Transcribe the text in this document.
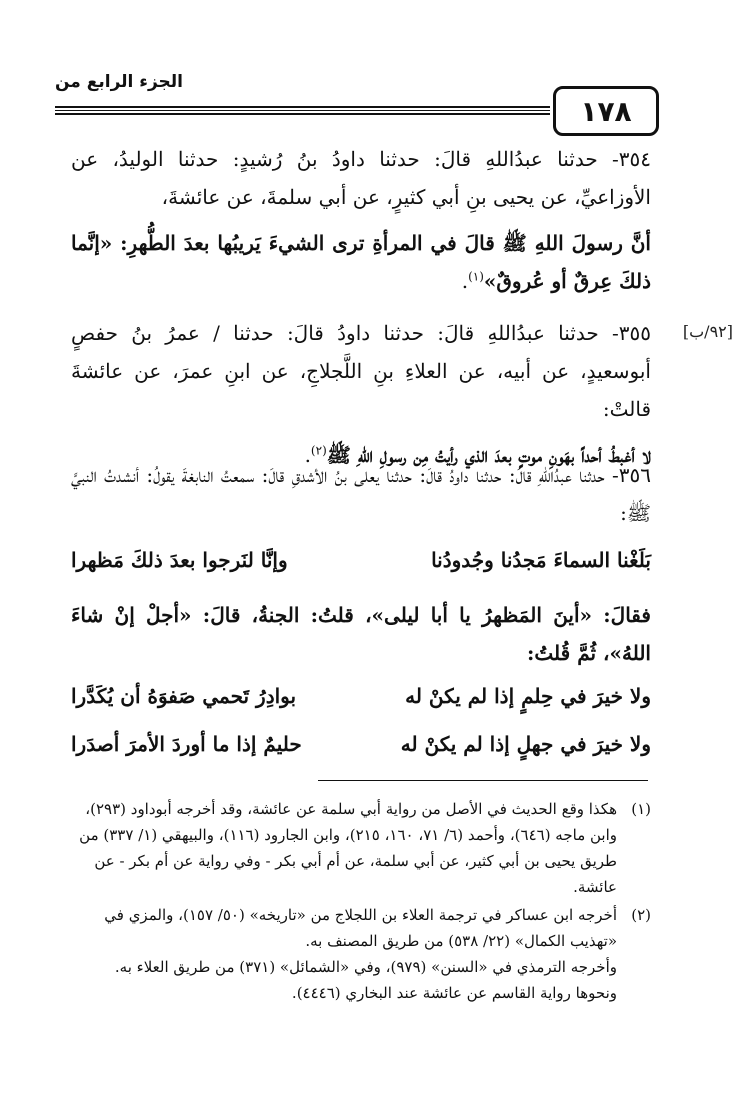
الجزء الرابع من
١٧٨
٣٥٤- حدثنا عبدُاللهِ قالَ: حدثنا داودُ بنُ رُشيدٍ: حدثنا الوليدُ، عن الأوزاعيِّ، عن يحيى بنِ أبي كثيرٍ، عن أبي سلمةَ، عن عائشةَ،
أنَّ رسولَ اللهِ ﷺ قالَ في المرأةِ ترى الشيءَ يَريبُها بعدَ الطُّهرِ: «إنَّما ذلكَ عِرقٌ أو عُروقٌ»$^{(١)}$.
[٩٢/ب]
٣٥٥- حدثنا عبدُاللهِ قالَ: حدثنا داودُ قالَ: حدثنا / عمرُ بنُ حفصٍ أبوسعيدٍ، عن أبيه، عن العلاءِ بنِ اللَّجلاجِ، عن ابنِ عمرَ، عن عائشةَ قالتْ:
لا أغبطُ أحداً بهَونِ موتٍ بعدَ الذي رأيتُ مِن رسولِ اللهِ ﷺ$^{(٢)}$.
٣٥٦- حدثنا عبدُاللهِ قالَ: حدثنا داودُ قالَ: حدثنا يعلى بنُ الأشدقِ قالَ: سمعتُ النابغةَ يقولُ: أنشدتُ النبيَّ ﷺ:
بَلَغْنا السماءَ مَجدُنا وجُدودُنا
وإنَّا لنَرجوا بعدَ ذلكَ مَظهرا
فقالَ: «أينَ المَظهرُ يا أبا ليلى»، قلتُ: الجنةُ، قالَ: «أجلْ إنْ شاءَ اللهُ»، ثُمَّ قُلتُ:
ولا خيرَ في حِلمٍ إذا لم يكنْ له
بوادِرُ تَحمي صَفوَهُ أن يُكَدَّرا
ولا خيرَ في جهلٍ إذا لم يكنْ له
حليمٌ إذا ما أوردَ الأمرَ أصدَرا
(١)

هكذا وقع الحديث في الأصل من رواية أبي سلمة عن عائشة، وقد أخرجه أبوداود (٢٩٣)، وابن ماجه (٦٤٦)، وأحمد (٦/ ٧١، ١٦٠، ٢١٥)، وابن الجارود (١١٦)، والبيهقي (١/ ٣٣٧) من طريق يحيى بن أبي كثير، عن أبي سلمة، عن أم أبي بكر - وفي رواية عن أم بكر - عن عائشة.

(٢)

أخرجه ابن عساكر في ترجمة العلاء بن اللجلاج من «تاريخه» (٥٠/ ١٥٧)، والمزي في «تهذيب الكمال» (٢٢/ ٥٣٨) من طريق المصنف به.

وأخرجه الترمذي في «السنن» (٩٧٩)، وفي «الشمائل» (٣٧١) من طريق العلاء به.

ونحوها رواية القاسم عن عائشة عند البخاري (٤٤٤٦).
